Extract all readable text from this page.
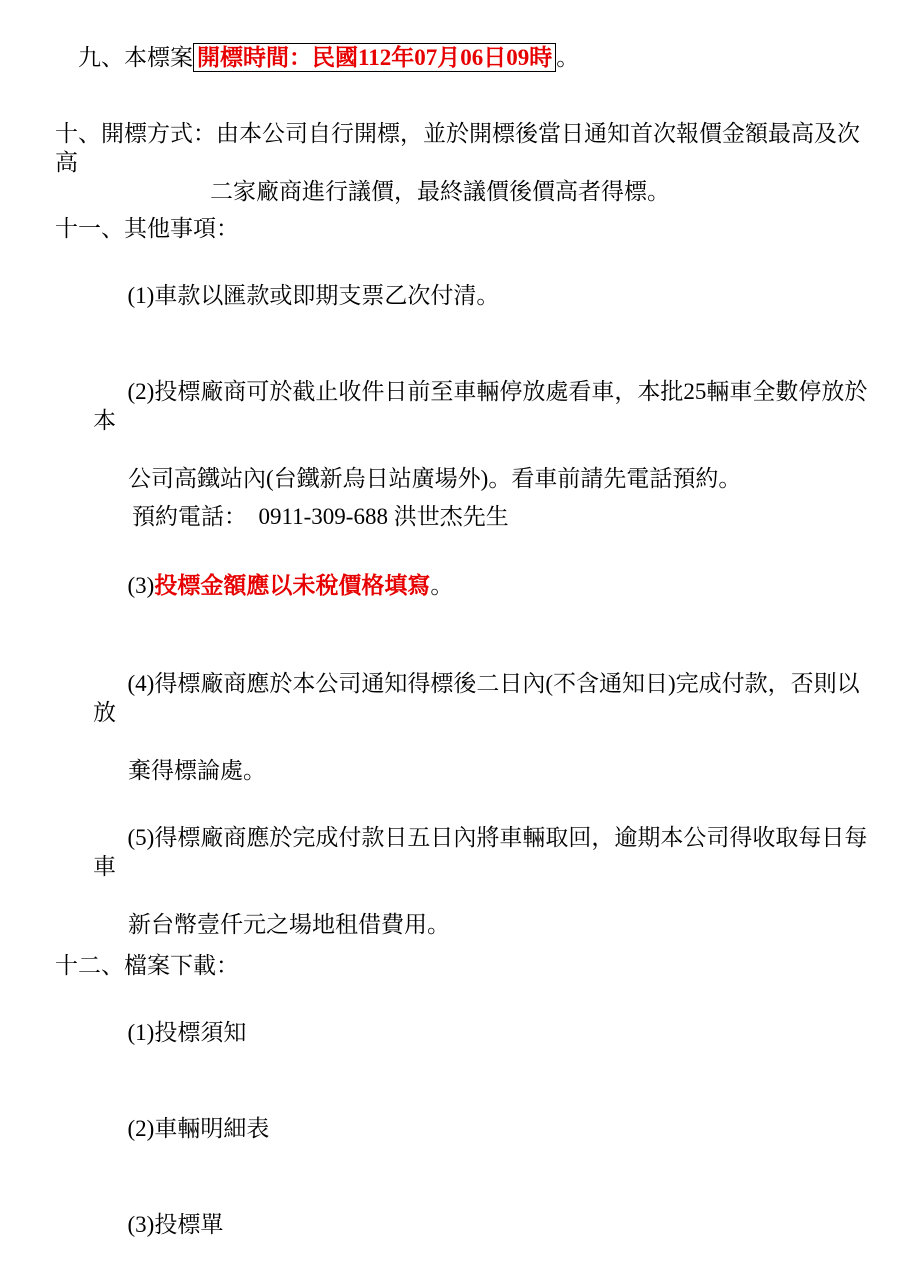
九、本標案 開標時間：民國112年07月06日09時 。

十、開標方式：由本公司自行開標，並於開標後當日通知首次報價金額最高及次高
二家廠商進行議價，最終議價後價高者得標。
十一、其他事項：

(1)車款以匯款或即期支票乙次付清。

(2)投標廠商可於截止收件日前至車輛停放處看車，本批25輛車全數停放於本

公司高鐵站內(台鐵新烏日站廣場外)。看車前請先電話預約。
預約電話：  0911-309-688 洪世杰先生

(3)投標金額應以未稅價格填寫。

(4)得標廠商應於本公司通知得標後二日內(不含通知日)完成付款，否則以放

棄得標論處。

(5)得標廠商應於完成付款日五日內將車輛取回，逾期本公司得收取每日每車

新台幣壹仟元之場地租借費用。
十二、檔案下載：

(1)投標須知

(2)車輛明細表

(3)投標單
